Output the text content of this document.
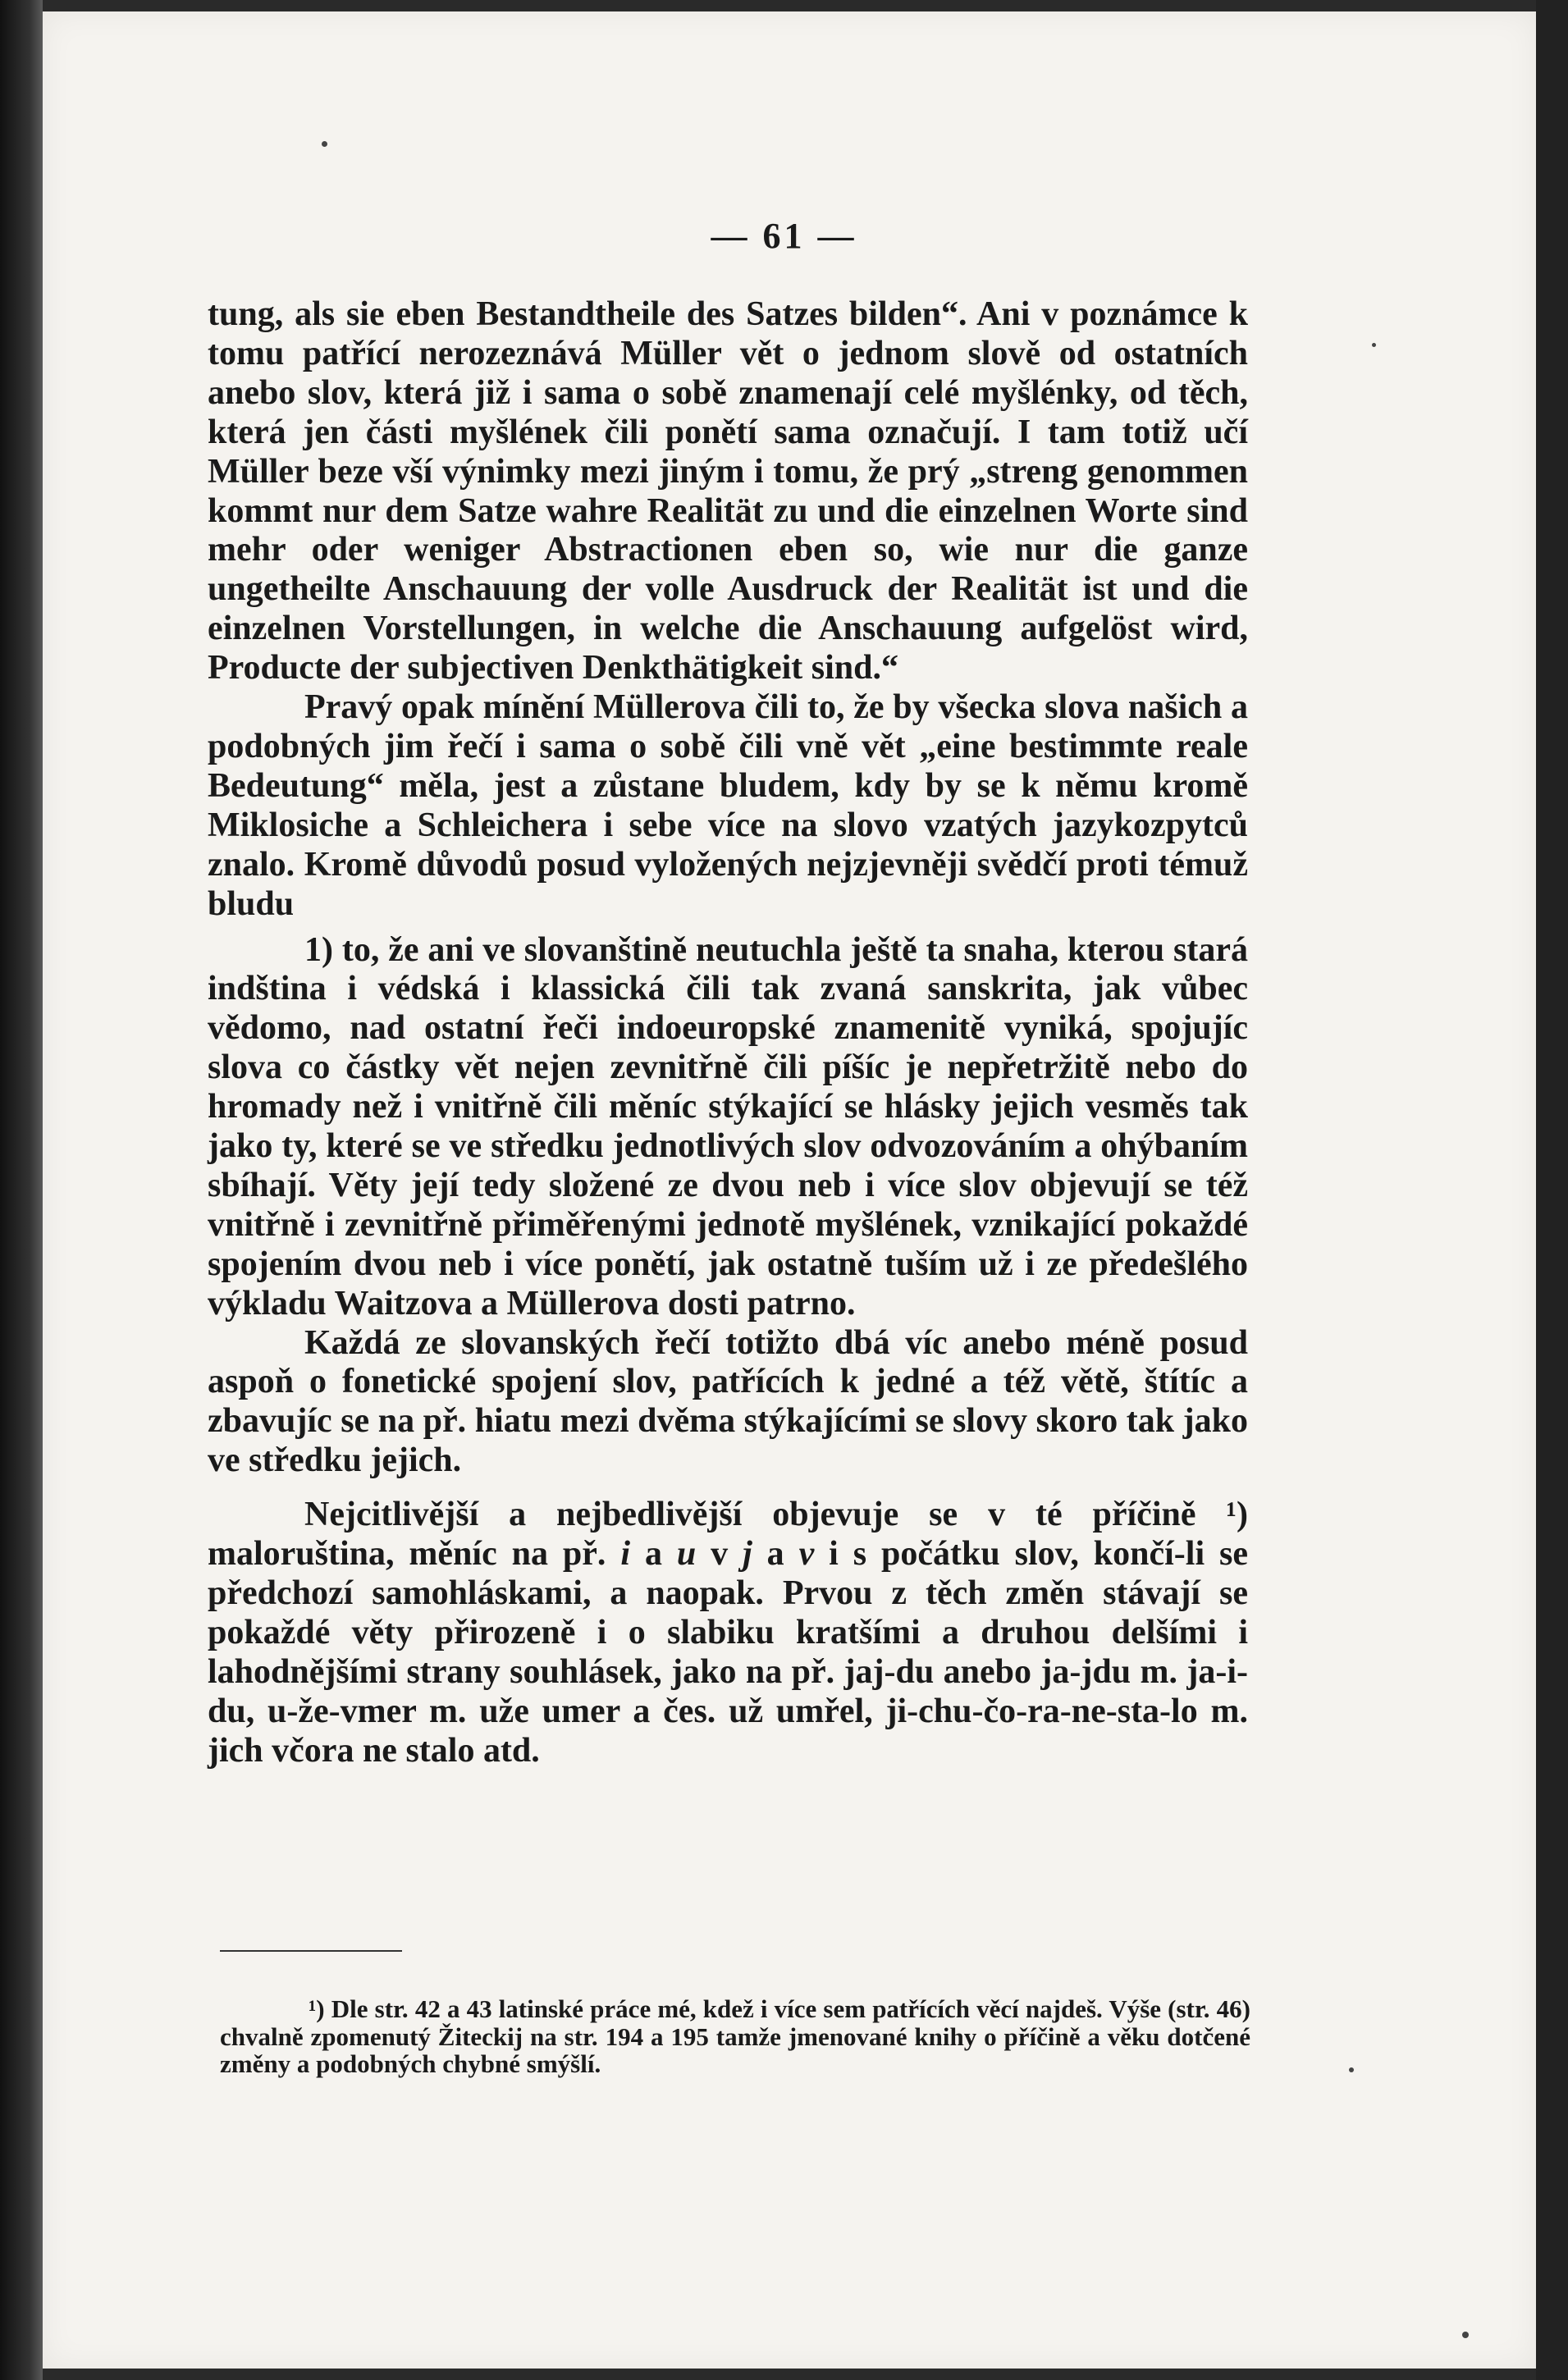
— 61 —

tung, als sie eben Bestandtheile des Satzes bilden“. Ani v poznámce k tomu patřící nerozeznává Müller vět o jednom slově od ostatních anebo slov, která již i sama o sobě znamenají celé myšlénky, od těch, která jen části myšlének čili ponětí sama označují. I tam totiž učí Müller beze vší výnimky mezi jiným i tomu, že prý „streng genommen kommt nur dem Satze wahre Realität zu und die einzelnen Worte sind mehr oder weniger Abstractionen eben so, wie nur die ganze ungetheilte Anschauung der volle Ausdruck der Realität ist und die einzelnen Vorstellungen, in welche die Anschauung aufgelöst wird, Producte der subjectiven Denkthätigkeit sind.“

Pravý opak mínění Müllerova čili to, že by všecka slova našich a podobných jim řečí i sama o sobě čili vně vět „eine bestimmte reale Bedeutung“ měla, jest a zůstane bludem, kdy by se k němu kromě Miklosiche a Schleichera i sebe více na slovo vzatých jazykozpytců znalo. Kromě důvodů posud vyložených nejzjevněji svědčí proti témuž bludu

1) to, že ani ve slovanštině neutuchla ještě ta snaha, kterou stará indština i védská i klassická čili tak zvaná sanskrita, jak vůbec vědomo, nad ostatní řeči indoeuropské znamenitě vyniká, spojujíc slova co částky vět nejen zevnitřně čili píšíc je nepřetržitě nebo do hromady než i vnitřně čili měníc stýkající se hlásky jejich vesměs tak jako ty, které se ve středku jednotlivých slov odvozováním a ohýbaním sbíhají. Věty její tedy složené ze dvou neb i více slov objevují se též vnitřně i zevnitřně přiměřenými jednotě myšlének, vznikající pokaždé spojením dvou neb i více ponětí, jak ostatně tuším už i ze předešlého výkladu Waitzova a Müllerova dosti patrno.

Každá ze slovanských řečí totižto dbá víc anebo méně posud aspoň o fonetické spojení slov, patřících k jedné a též větě, štítíc a zbavujíc se na př. hiatu mezi dvěma stýkajícími se slovy skoro tak jako ve středku jejich.

Nejcitlivější a nejbedlivější objevuje se v té příčině ¹) maloruština, měníc na př. i a u v j a v i s počátku slov, končí-li se předchozí samohláskami, a naopak. Prvou z těch změn stávají se pokaždé věty přirozeně i o slabiku kratšími a druhou delšími i lahodnějšími strany souhlásek, jako na př. jaj-du anebo ja-jdu m. ja-i-du, u-že-vmer m. uže umer a čes. už umřel, ji-chu-čo-ra-ne-sta-lo m. jich včora ne stalo atd.

¹) Dle str. 42 a 43 latinské práce mé, kdež i více sem patřících věcí najdeš. Výše (str. 46) chvalně zpomenutý Žiteckij na str. 194 a 195 tamže jmenované knihy o příčině a věku dotčené změny a podobných chybné smýšlí.
